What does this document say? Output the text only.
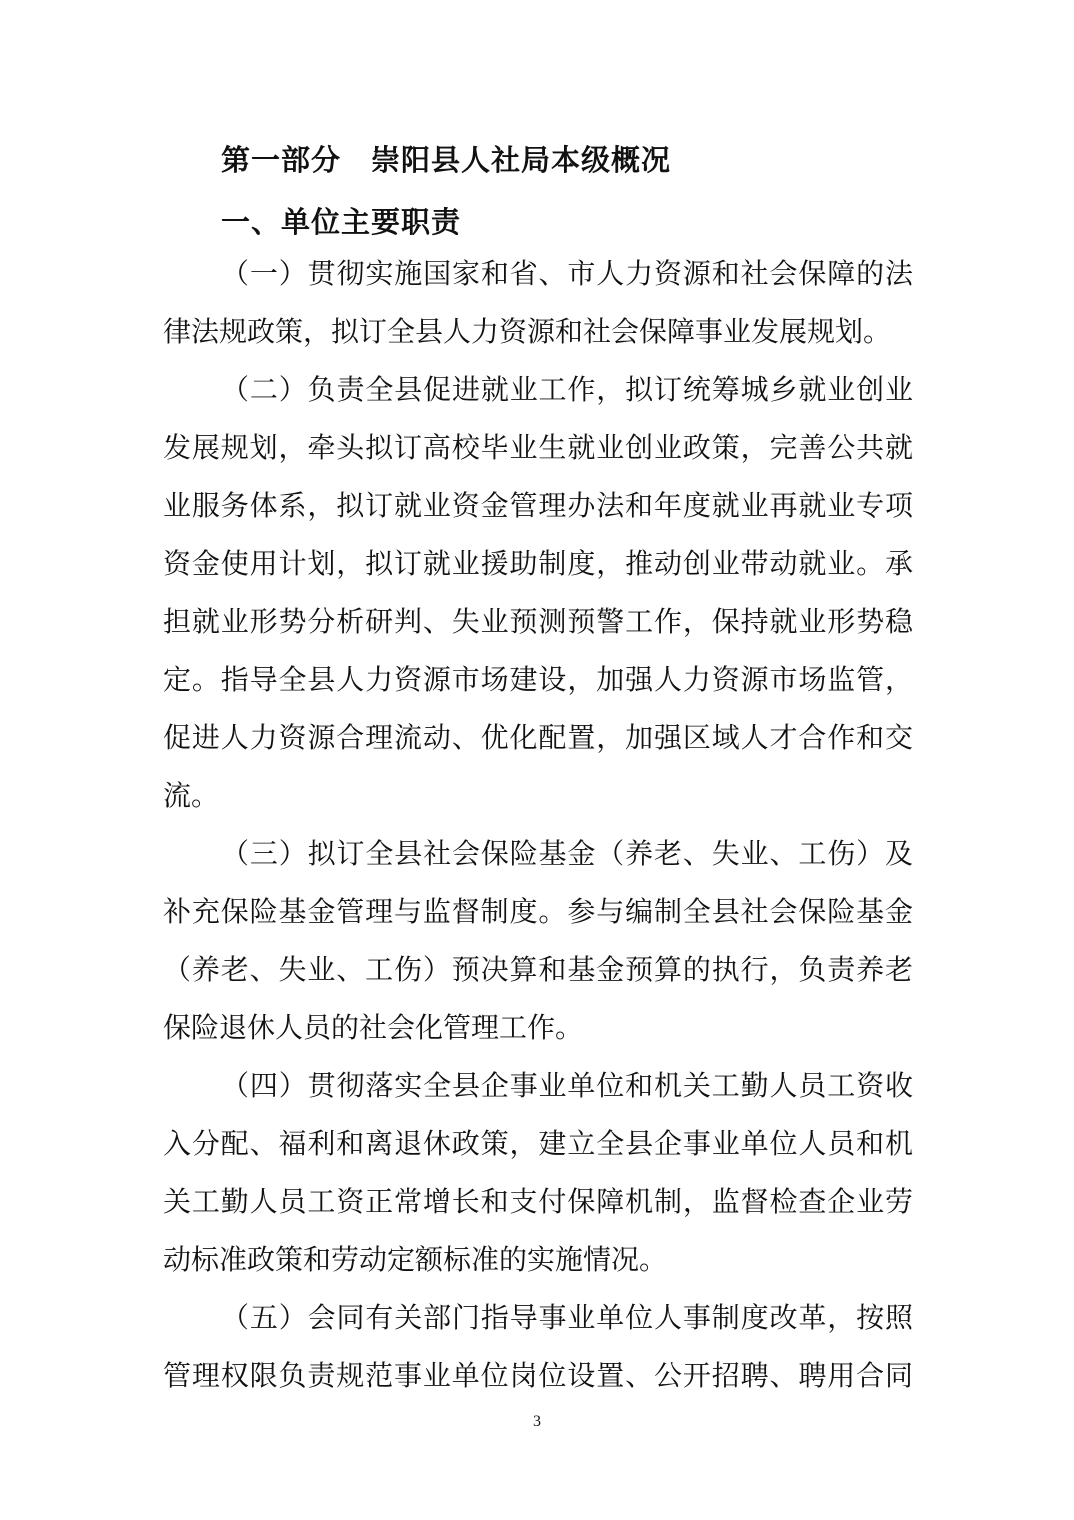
第一部分　崇阳县人社局本级概况
一、单位主要职责
（一）贯彻实施国家和省、市人力资源和社会保障的法
律法规政策，拟订全县人力资源和社会保障事业发展规划。
（二）负责全县促进就业工作，拟订统筹城乡就业创业
发展规划，牵头拟订高校毕业生就业创业政策，完善公共就
业服务体系，拟订就业资金管理办法和年度就业再就业专项
资金使用计划，拟订就业援助制度，推动创业带动就业。承
担就业形势分析研判、失业预测预警工作，保持就业形势稳
定。指导全县人力资源市场建设，加强人力资源市场监管，
促进人力资源合理流动、优化配置，加强区域人才合作和交
流。
（三）拟订全县社会保险基金（养老、失业、工伤）及
补充保险基金管理与监督制度。参与编制全县社会保险基金
（养老、失业、工伤）预决算和基金预算的执行，负责养老
保险退休人员的社会化管理工作。
（四）贯彻落实全县企事业单位和机关工勤人员工资收
入分配、福利和离退休政策，建立全县企事业单位人员和机
关工勤人员工资正常增长和支付保障机制，监督检查企业劳
动标准政策和劳动定额标准的实施情况。
（五）会同有关部门指导事业单位人事制度改革，按照
管理权限负责规范事业单位岗位设置、公开招聘、聘用合同
3
